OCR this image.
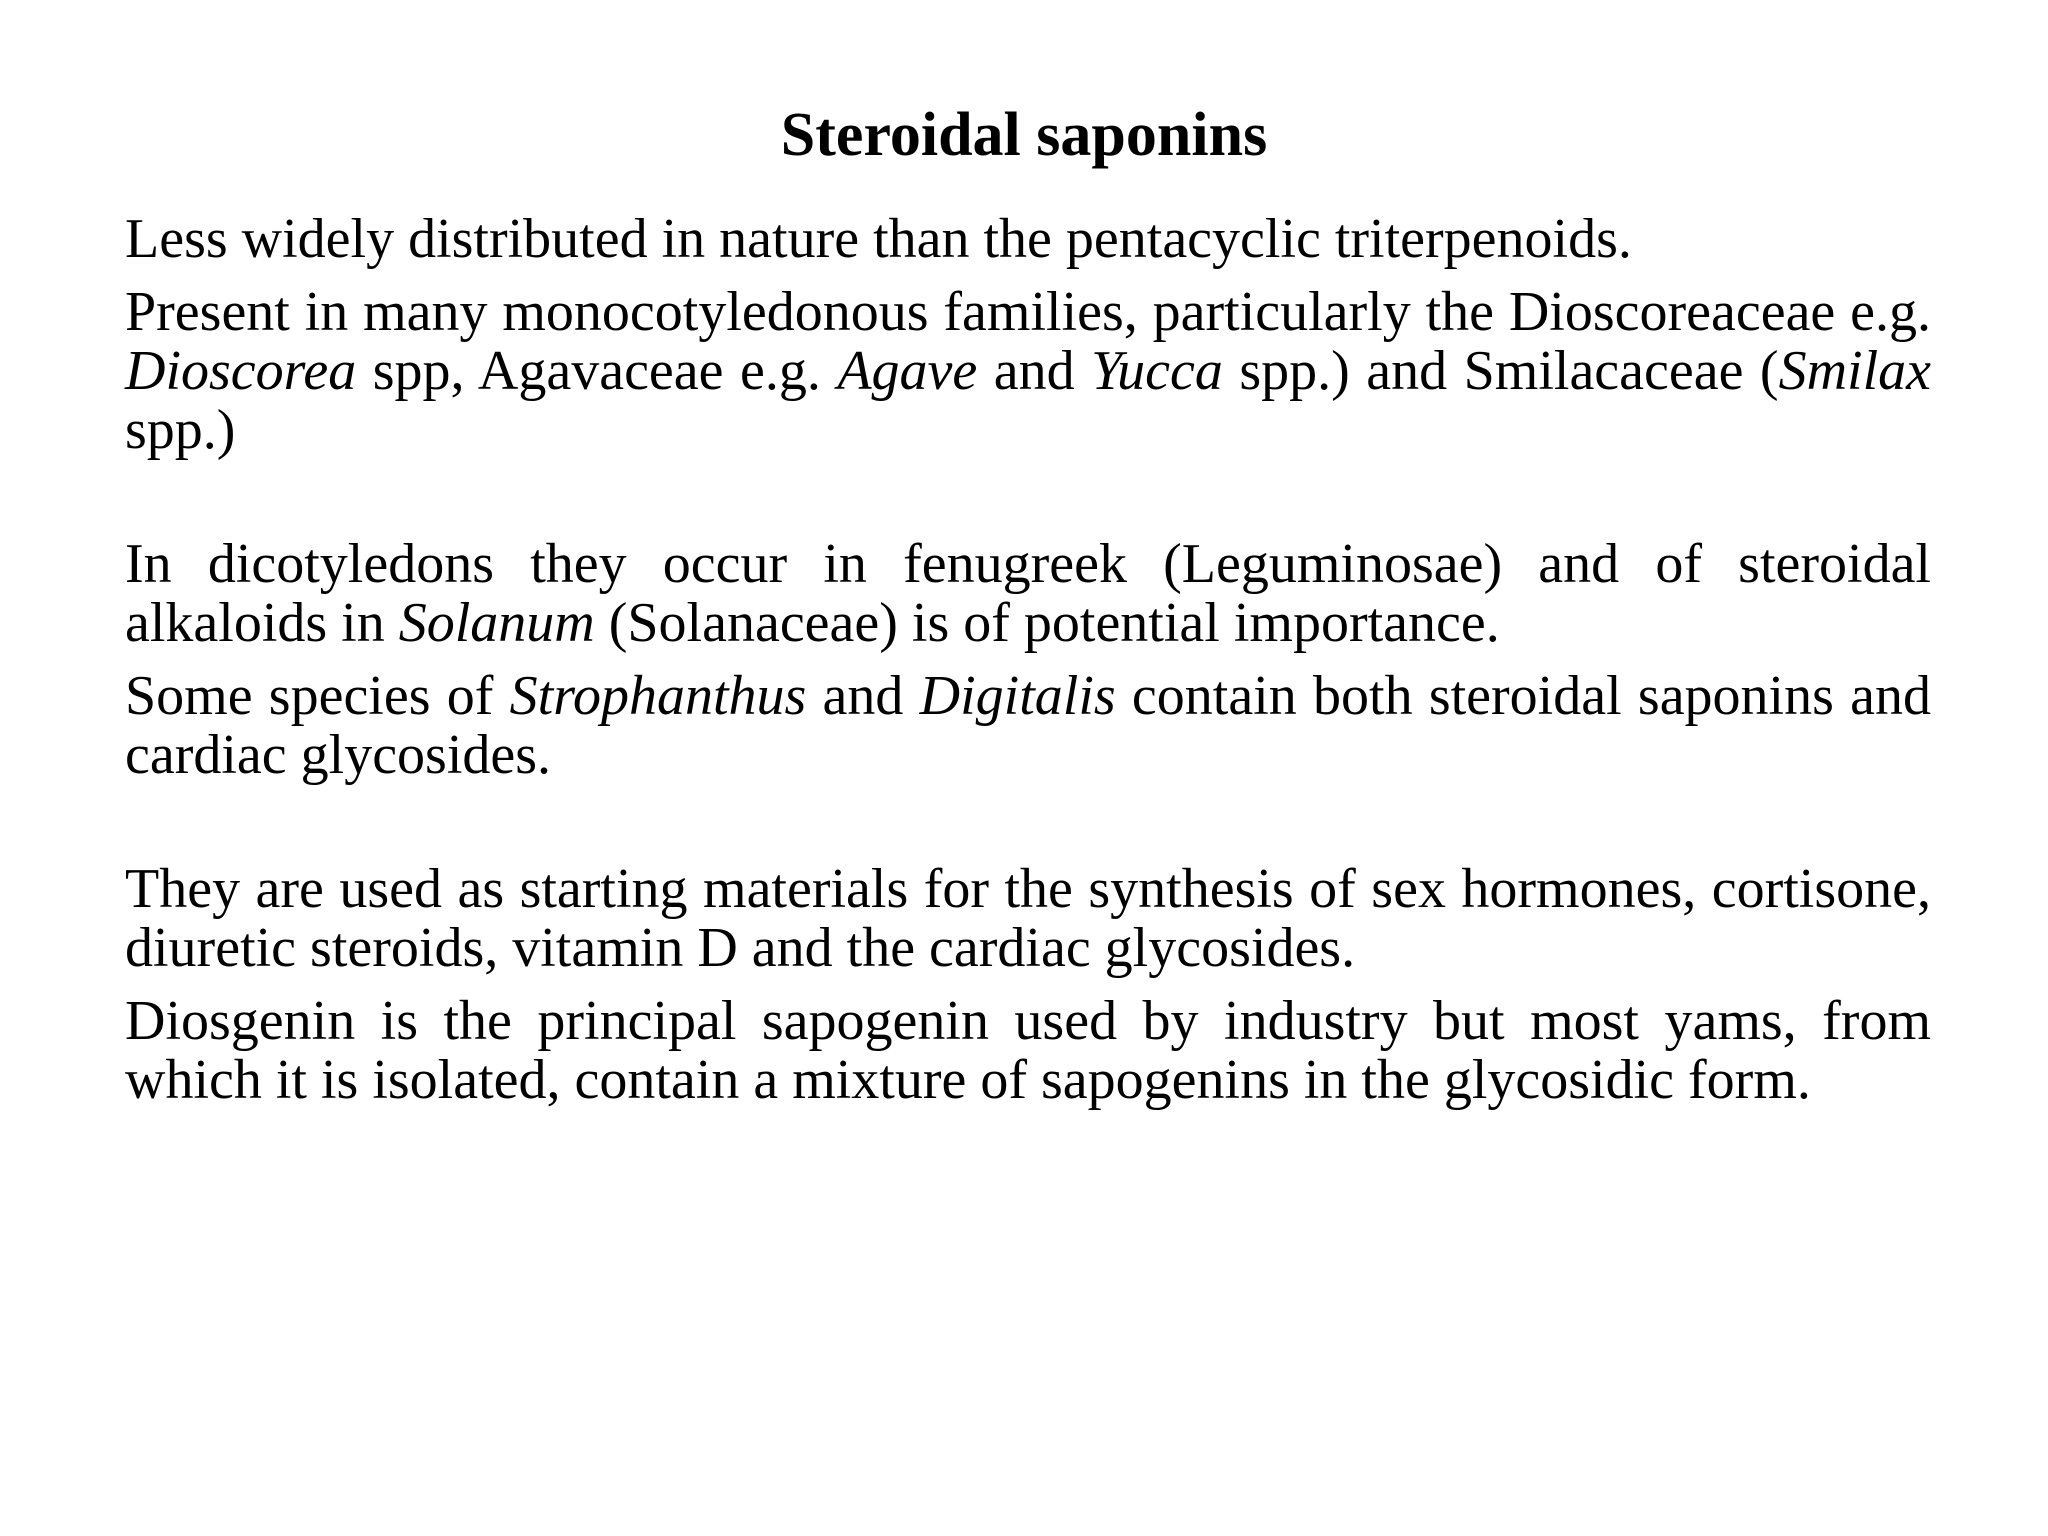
Steroidal saponins

Less widely distributed in nature than the pentacyclic triterpenoids.

Present in many monocotyledonous families, particularly the Dioscoreaceae e.g. Dioscorea spp, Agavaceae e.g. Agave and Yucca spp.) and Smilacaceae (Smilax spp.)

In dicotyledons they occur in fenugreek (Leguminosae) and of steroidal alkaloids in Solanum (Solanaceae) is of potential importance.

Some species of Strophanthus and Digitalis contain both steroidal saponins and cardiac glycosides.

They are used as starting materials for the synthesis of sex hormones, cortisone, diuretic steroids, vitamin D and the cardiac glycosides.

Diosgenin is the principal sapogenin used by industry but most yams, from which it is isolated, contain a mixture of sapogenins in the glycosidic form.
